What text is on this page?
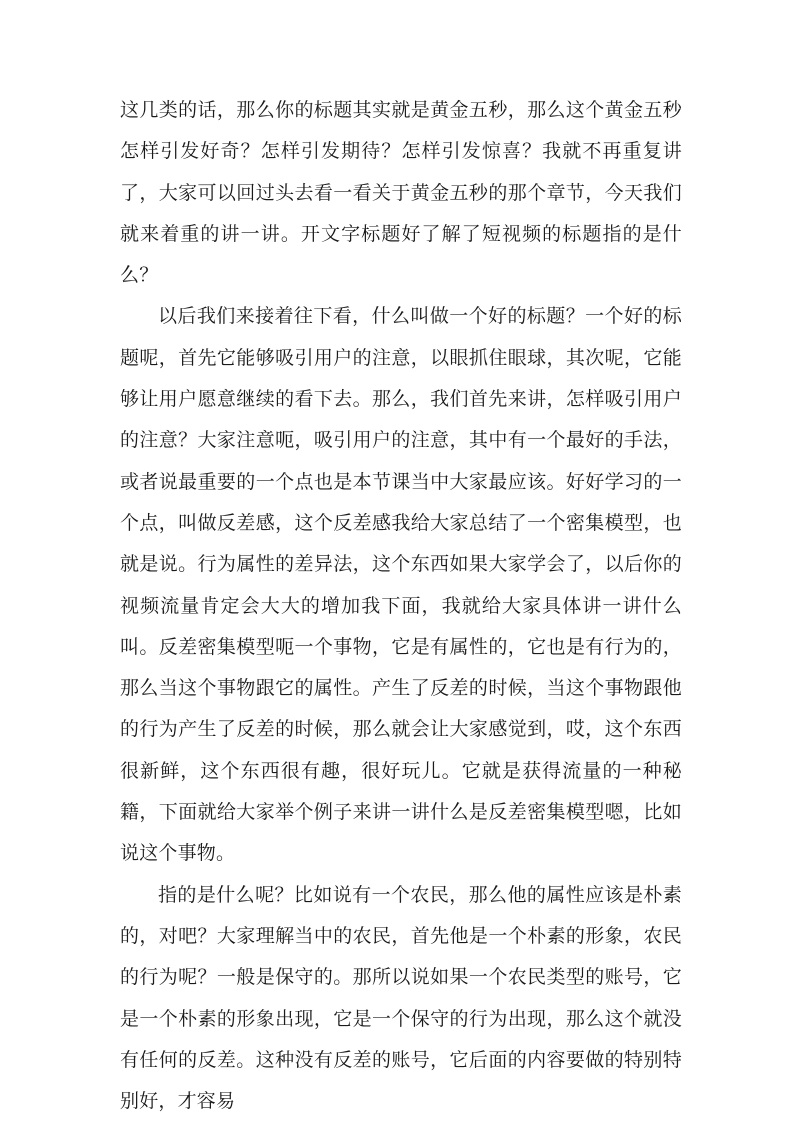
这几类的话，那么你的标题其实就是黄金五秒，那么这个黄金五秒怎样引发好奇？怎样引发期待？怎样引发惊喜？我就不再重复讲了，大家可以回过头去看一看关于黄金五秒的那个章节，今天我们就来着重的讲一讲。开文字标题好了解了短视频的标题指的是什么？

以后我们来接着往下看，什么叫做一个好的标题？一个好的标题呢，首先它能够吸引用户的注意，以眼抓住眼球，其次呢，它能够让用户愿意继续的看下去。那么，我们首先来讲，怎样吸引用户的注意？大家注意呃，吸引用户的注意，其中有一个最好的手法，或者说最重要的一个点也是本节课当中大家最应该。好好学习的一个点，叫做反差感，这个反差感我给大家总结了一个密集模型，也就是说。行为属性的差异法，这个东西如果大家学会了，以后你的视频流量肯定会大大的增加我下面，我就给大家具体讲一讲什么叫。反差密集模型呃一个事物，它是有属性的，它也是有行为的，那么当这个事物跟它的属性。产生了反差的时候，当这个事物跟他的行为产生了反差的时候，那么就会让大家感觉到，哎，这个东西很新鲜，这个东西很有趣，很好玩儿。它就是获得流量的一种秘籍，下面就给大家举个例子来讲一讲什么是反差密集模型嗯，比如说这个事物。

指的是什么呢？比如说有一个农民，那么他的属性应该是朴素的，对吧？大家理解当中的农民，首先他是一个朴素的形象，农民的行为呢？一般是保守的。那所以说如果一个农民类型的账号，它是一个朴素的形象出现，它是一个保守的行为出现，那么这个就没有任何的反差。这种没有反差的账号，它后面的内容要做的特别特别好，才容易
